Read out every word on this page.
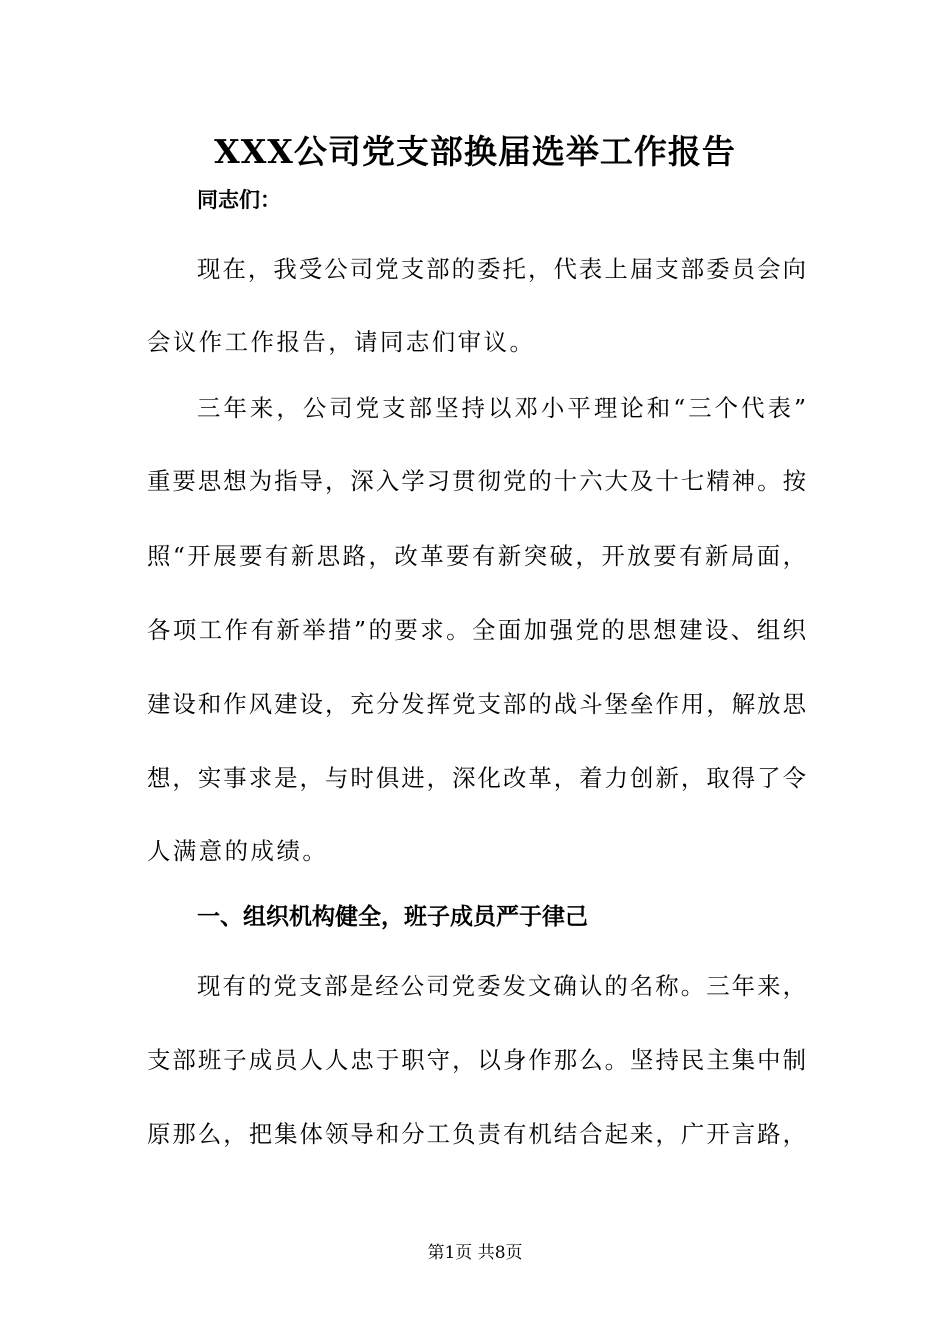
XXX公司党支部换届选举工作报告
同志们：
现在，我受公司党支部的委托，代表上届支部委员会向
会议作工作报告，请同志们审议。
三年来，公司党支部坚持以邓小平理论和“三个代表”
重要思想为指导，深入学习贯彻党的十六大及十七精神。按
照“开展要有新思路，改革要有新突破，开放要有新局面，
各项工作有新举措”的要求。全面加强党的思想建设、组织
建设和作风建设，充分发挥党支部的战斗堡垒作用，解放思
想，实事求是，与时俱进，深化改革，着力创新，取得了令
人满意的成绩。
一、组织机构健全，班子成员严于律己
现有的党支部是经公司党委发文确认的名称。三年来，
支部班子成员人人忠于职守，以身作那么。坚持民主集中制
原那么，把集体领导和分工负责有机结合起来，广开言路，
第1页 共8页
